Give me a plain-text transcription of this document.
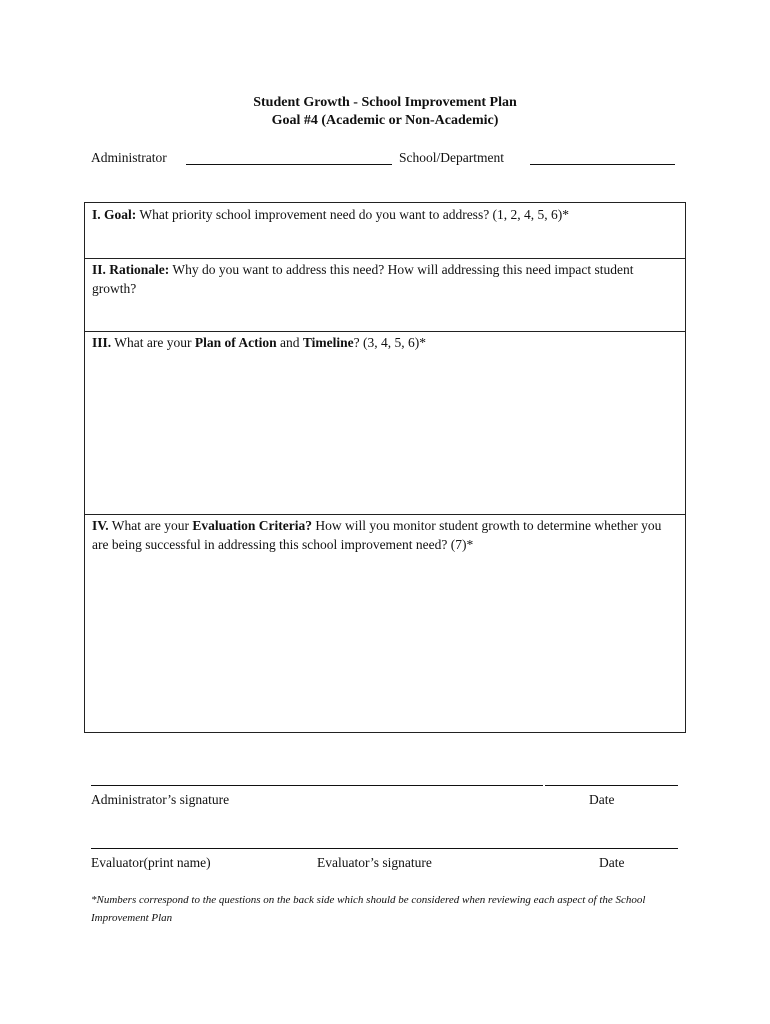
Student Growth - School Improvement Plan
Goal #4 (Academic or Non-Academic)
Administrator	School/Department
I. Goal: What priority school improvement need do you want to address? (1, 2, 4, 5, 6)*
II. Rationale: Why do you want to address this need? How will addressing this need impact student growth?
III. What are your Plan of Action and Timeline? (3, 4, 5, 6)*
IV. What are your Evaluation Criteria? How will you monitor student growth to determine whether you are being successful in addressing this school improvement need? (7)*
Administrator’s signature	Date
Evaluator(print name)	Evaluator’s signature	Date
*Numbers correspond to the questions on the back side which should be considered when reviewing each aspect of the School Improvement Plan
